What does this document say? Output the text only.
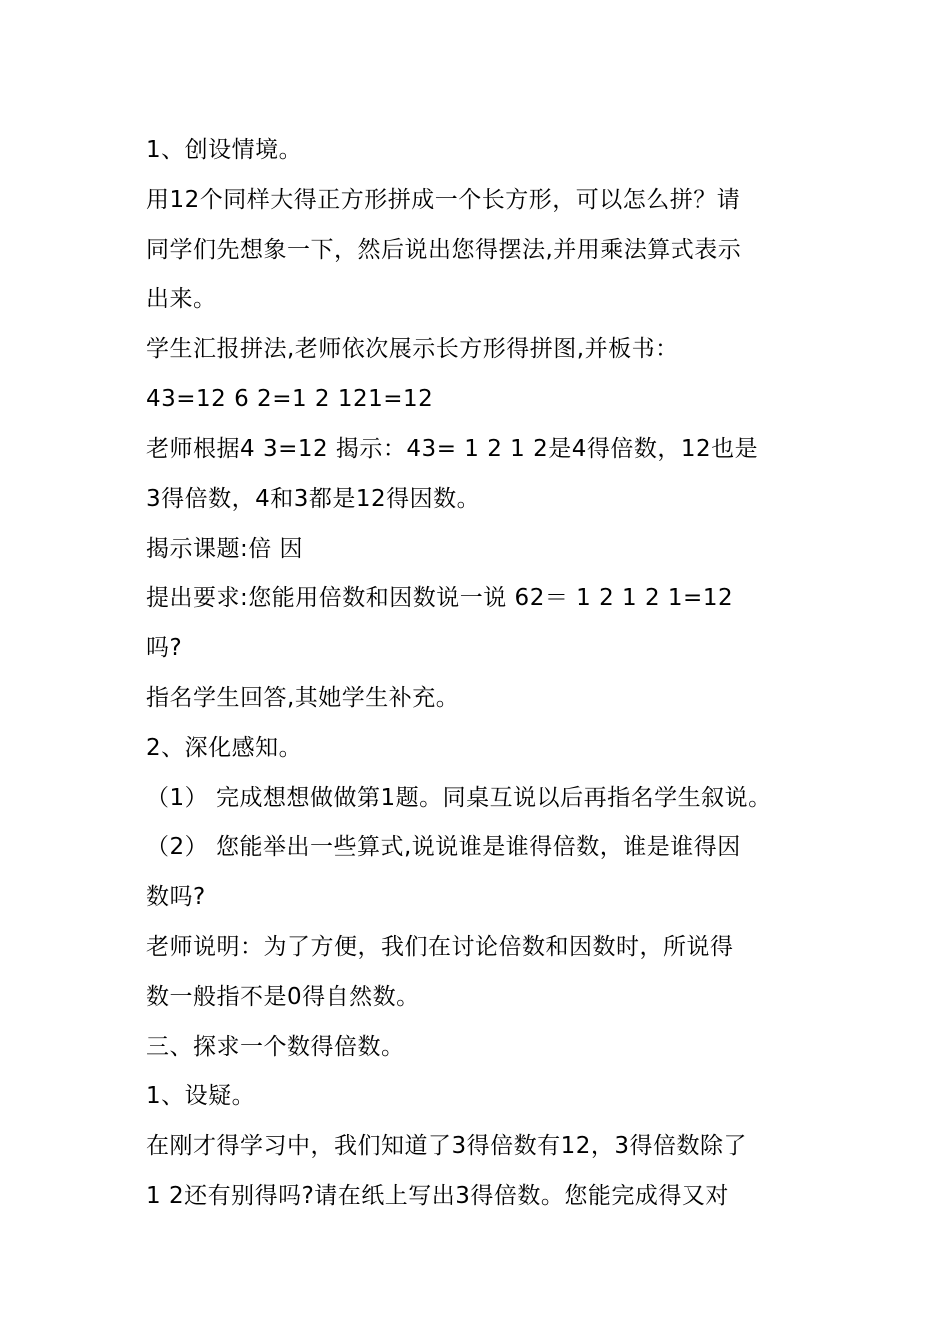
1、创设情境。
用12个同样大得正方形拼成一个长方形，可以怎么拼？请
同学们先想象一下，然后说出您得摆法,并用乘法算式表示
出来。
学生汇报拼法,老师依次展示长方形得拼图,并板书：
43=12 6 2=1 2 121=12
老师根据4 3=12 揭示：43= 1 2 1 2是4得倍数，12也是
3得倍数，4和3都是12得因数。
揭示课题:倍 因
提出要求:您能用倍数和因数说一说 62＝ 1 2 1 2 1=12
吗?
指名学生回答,其她学生补充。
2、深化感知。
（1） 完成想想做做第1题。同桌互说以后再指名学生叙说。
（2） 您能举出一些算式,说说谁是谁得倍数，谁是谁得因
数吗?
老师说明：为了方便，我们在讨论倍数和因数时，所说得
数一般指不是0得自然数。
三、探求一个数得倍数。
1、设疑。
在刚才得学习中，我们知道了3得倍数有12，3得倍数除了
1 2还有别得吗?请在纸上写出3得倍数。您能完成得又对
